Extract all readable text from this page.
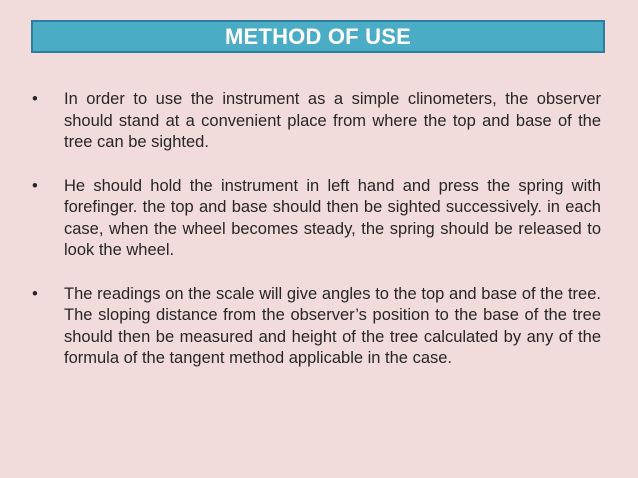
METHOD OF USE
•	In order to use the instrument as a simple clinometers, the observer should stand at a convenient place from where the top and base of the tree can be sighted.
•	He should hold the instrument in left hand and press the spring with forefinger. the top and base should then be sighted successively. in each case, when the wheel becomes steady, the spring should be released to look the wheel.
•	The readings on the scale will give angles to the top and base of the tree. The sloping distance from the observer’s position to the base of the tree should then be measured and height of the tree calculated by any of the formula of the tangent method applicable in the case.
